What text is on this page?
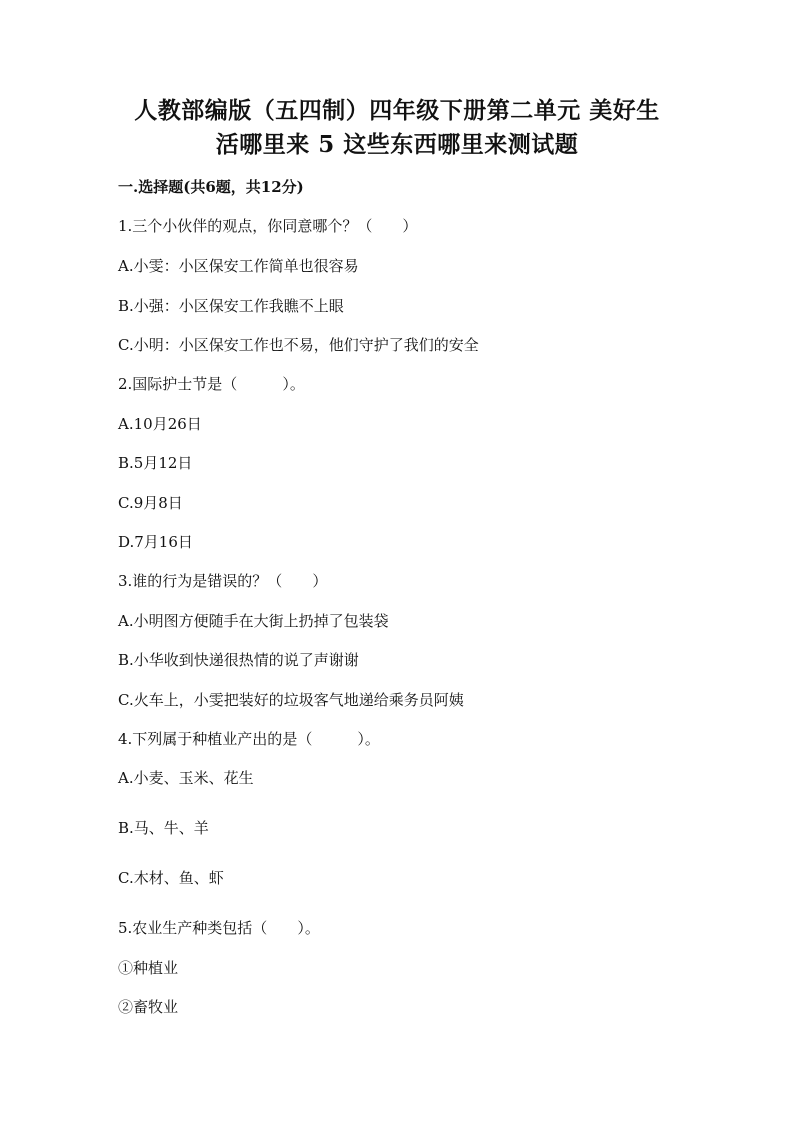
人教部编版（五四制）四年级下册第二单元 美好生
活哪里来 5 这些东西哪里来测试题
一.选择题(共6题，共12分)
1.三个小伙伴的观点，你同意哪个？（　　）
A.小雯：小区保安工作简单也很容易
B.小强：小区保安工作我瞧不上眼
C.小明：小区保安工作也不易，他们守护了我们的安全
2.国际护士节是（　　　）。
A.10月26日
B.5月12日
C.9月8日
D.7月16日
3.谁的行为是错误的？（　　）
A.小明图方便随手在大街上扔掉了包装袋
B.小华收到快递很热情的说了声谢谢
C.火车上，小雯把装好的垃圾客气地递给乘务员阿姨
4.下列属于种植业产出的是（　　　）。
A.小麦、玉米、花生
B.马、牛、羊
C.木材、鱼、虾
5.农业生产种类包括（　　）。
①种植业
②畜牧业
